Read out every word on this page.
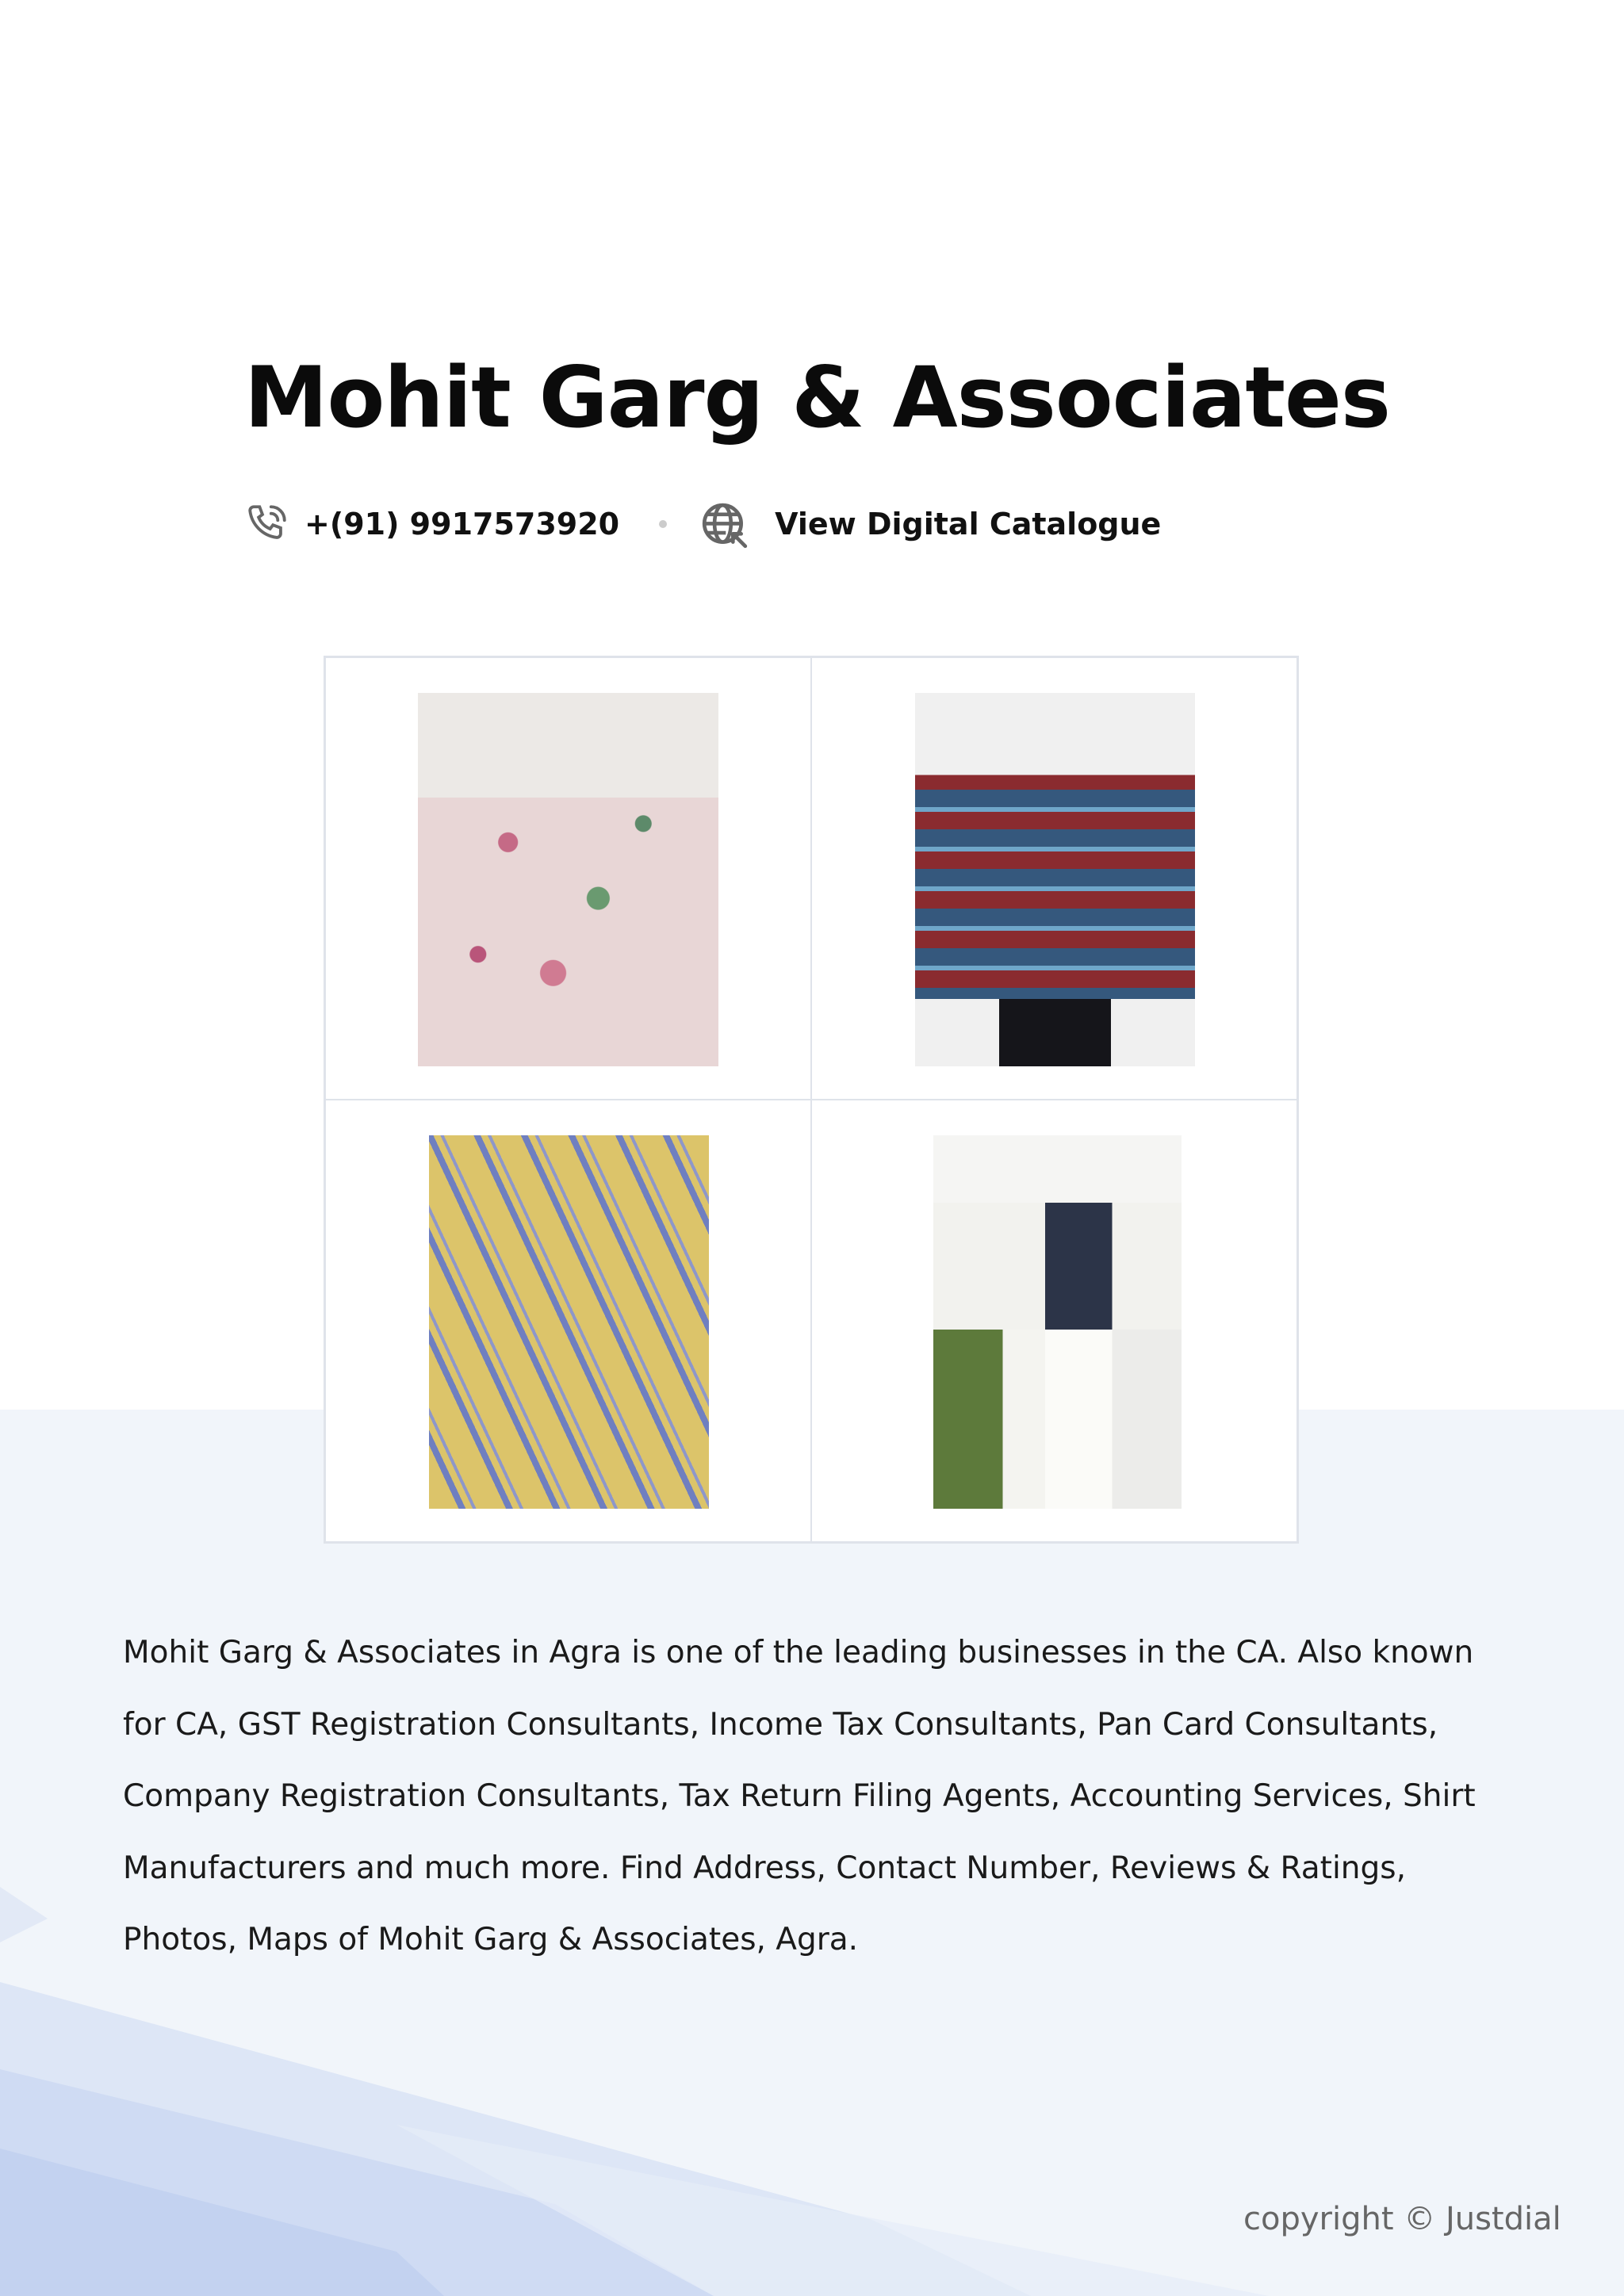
Mohit Garg & Associates
+(91) 9917573920	View Digital Catalogue
Mohit Garg & Associates in Agra is one of the leading businesses in the CA. Also known for CA, GST Registration Consultants, Income Tax Consultants, Pan Card Consultants, Company Registration Consultants, Tax Return Filing Agents, Accounting Services, Shirt Manufacturers and much more. Find Address, Contact Number, Reviews & Ratings, Photos, Maps of Mohit Garg & Associates, Agra.
copyright © Justdial
